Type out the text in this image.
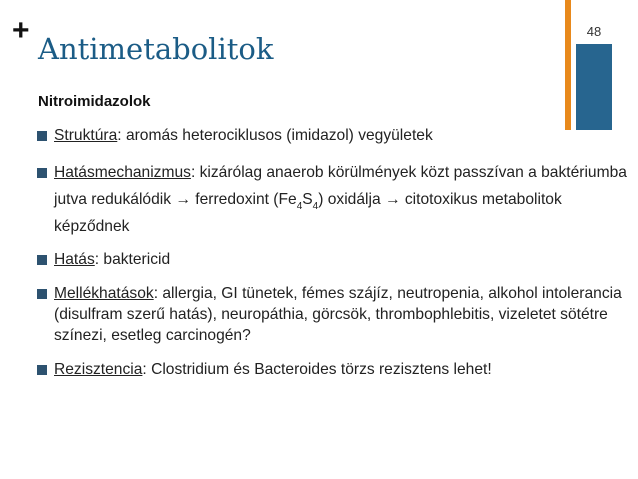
+
Antimetabolitok
48
Nitroimidazolok
Struktúra: aromás heterociklusos (imidazol) vegyületek
Hatásmechanizmus: kizárólag anaerob körülmények közt passzívan a baktériumba jutva redukálódik → ferredoxint $(Fe_4S_4)$ oxidálja → citotoxikus metabolitok képződnek
Hatás: baktericid
Mellékhatások: allergia, GI tünetek, fémes szájíz, neutropenia, alkohol intolerancia (disulfram szerű hatás), neuropáthia, görcsök, thrombophlebitis, vizeletet sötétre színezi, esetleg carcinogén?
Rezisztencia: Clostridium és Bacteroides törzs rezisztens lehet!
